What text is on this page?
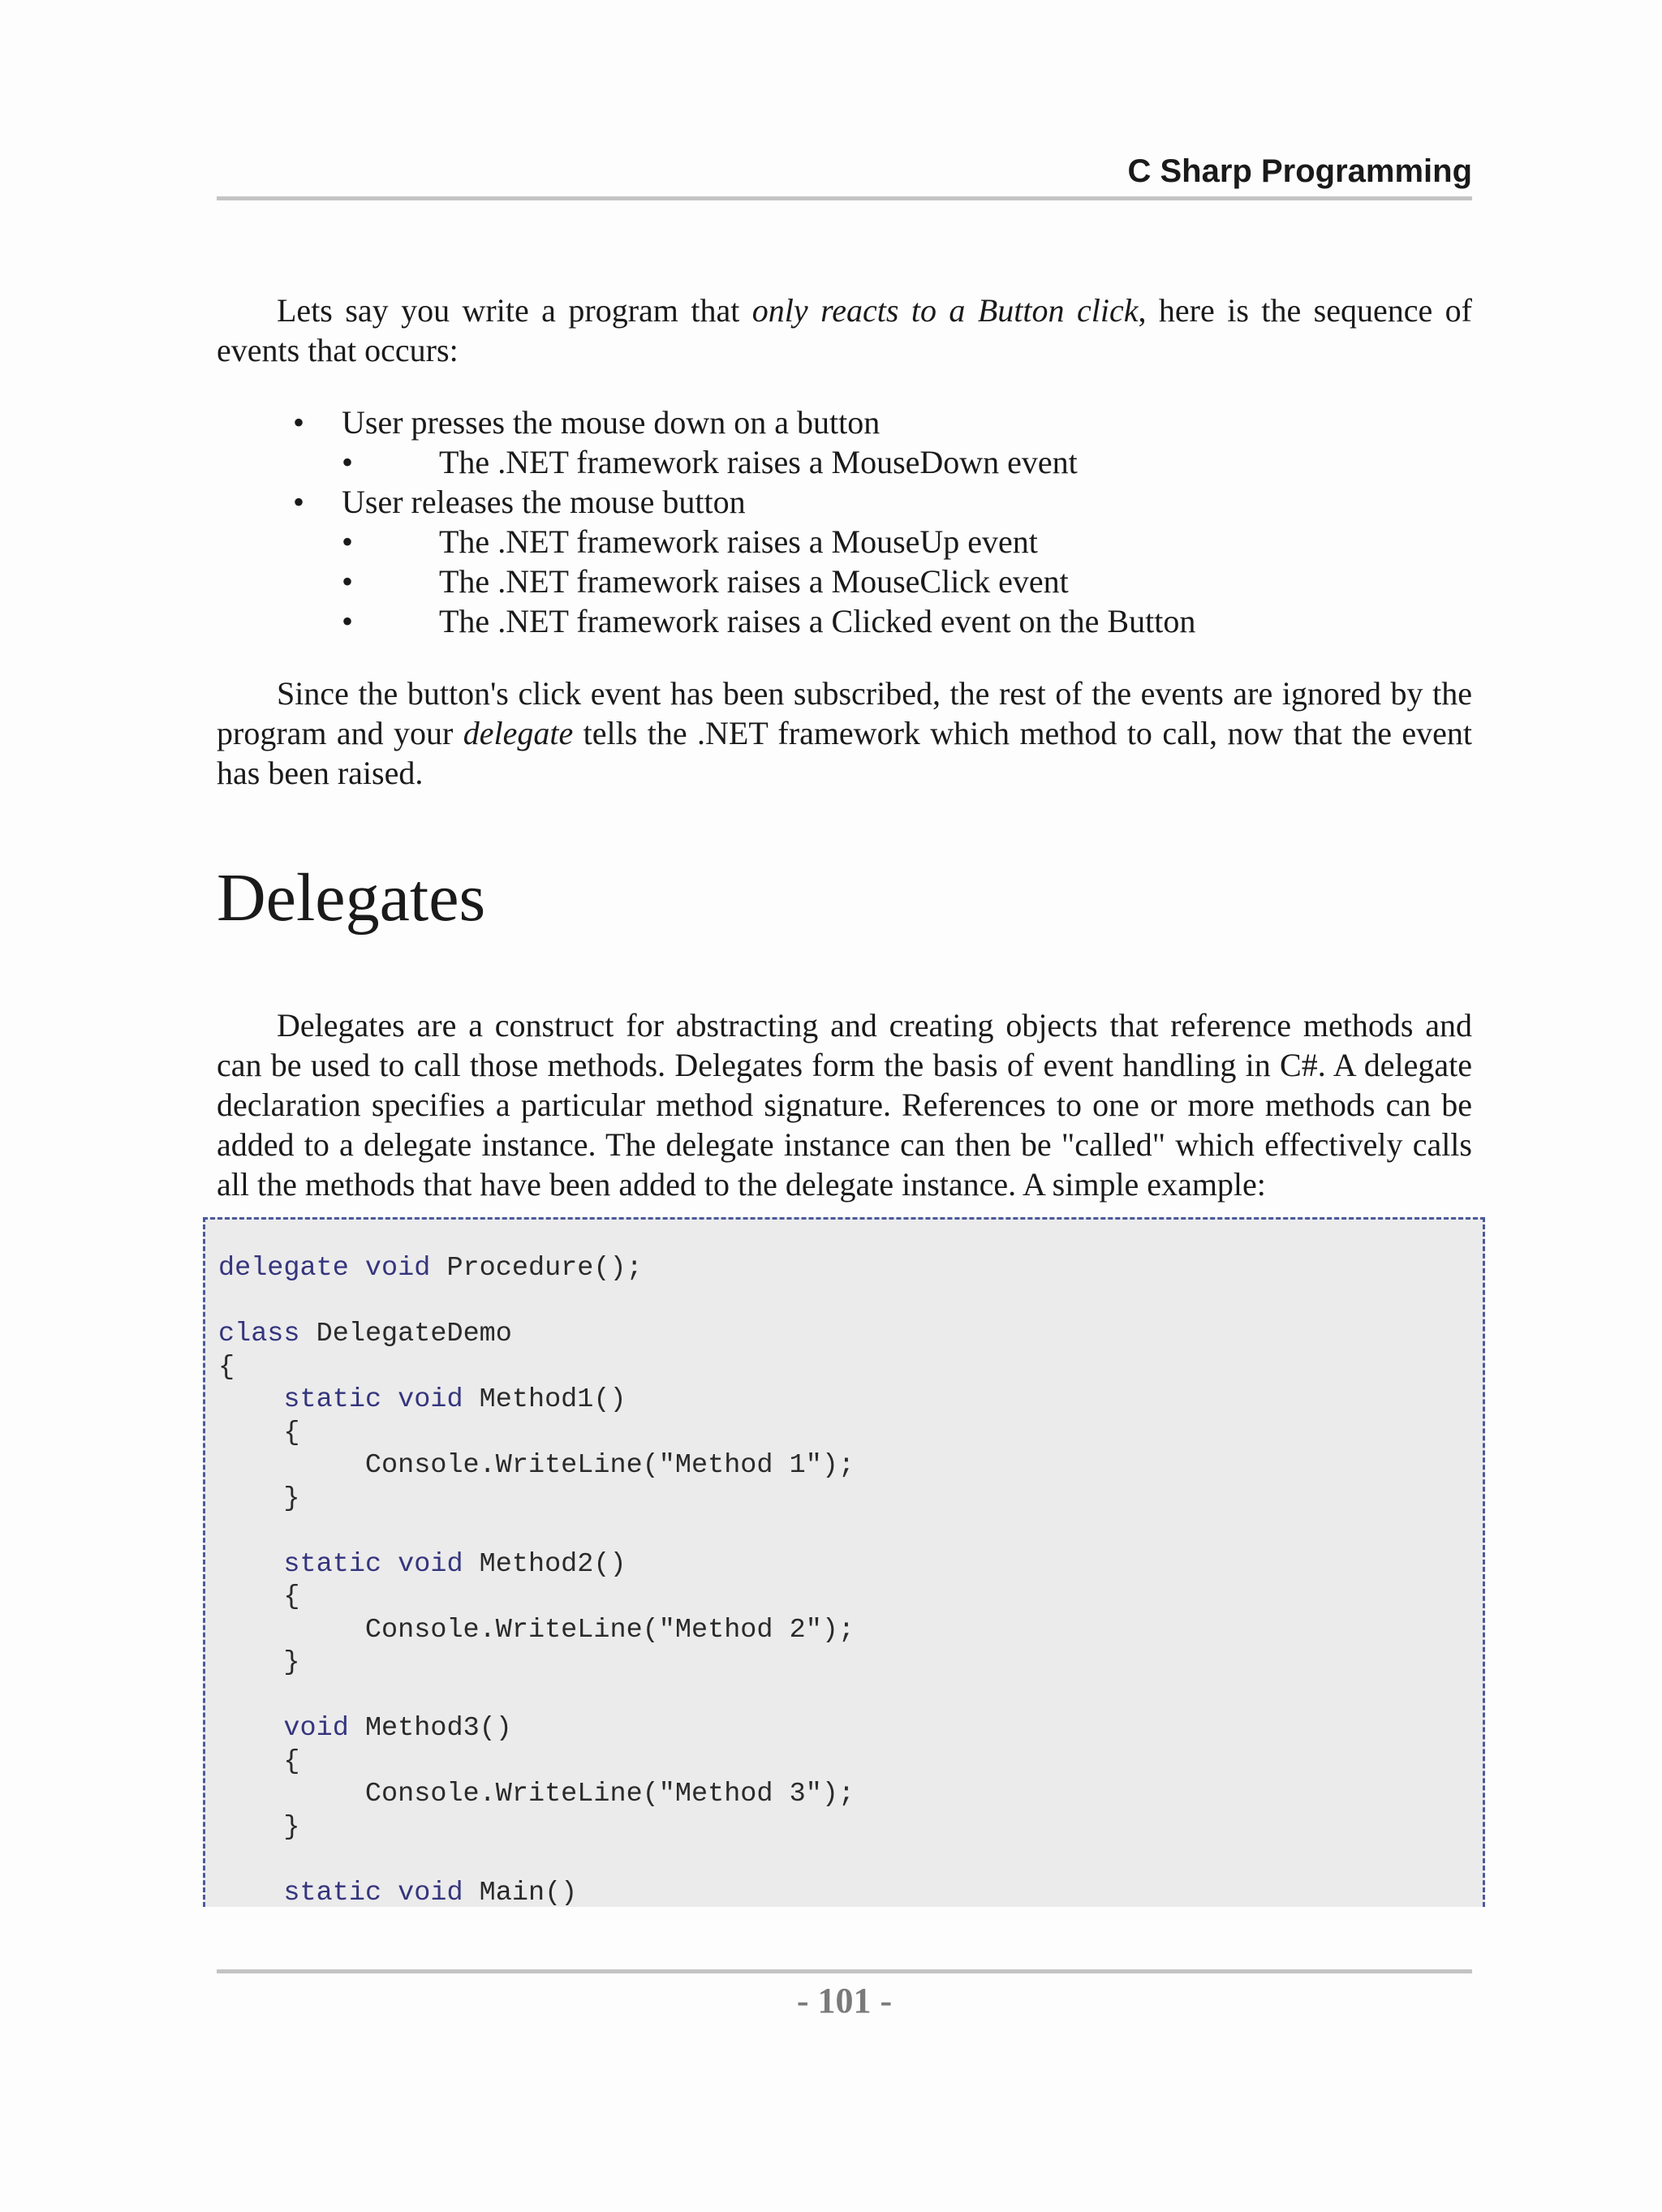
C Sharp Programming

Lets say you write a program that only reacts to a Button click, here is the sequence of events that occurs:

• User presses the mouse down on a button
•	The .NET framework raises a MouseDown event
• User releases the mouse button
•	The .NET framework raises a MouseUp event
•	The .NET framework raises a MouseClick event
•	The .NET framework raises a Clicked event on the Button

Since the button's click event has been subscribed, the rest of the events are ignored by the program and your delegate tells the .NET framework which method to call, now that the event has been raised.

Delegates

Delegates are a construct for abstracting and creating objects that reference methods and can be used to call those methods. Delegates form the basis of event handling in C#. A delegate declaration specifies a particular method signature. References to one or more methods can be added to a delegate instance. The delegate instance can then be "called" which effectively calls all the methods that have been added to the delegate instance. A simple example:

delegate void Procedure();

class DelegateDemo
{
static void Method1()
{
Console.WriteLine("Method 1");
}

static void Method2()
{
Console.WriteLine("Method 2");
}

void Method3()
{
Console.WriteLine("Method 3");
}

static void Main()
- 101 -
